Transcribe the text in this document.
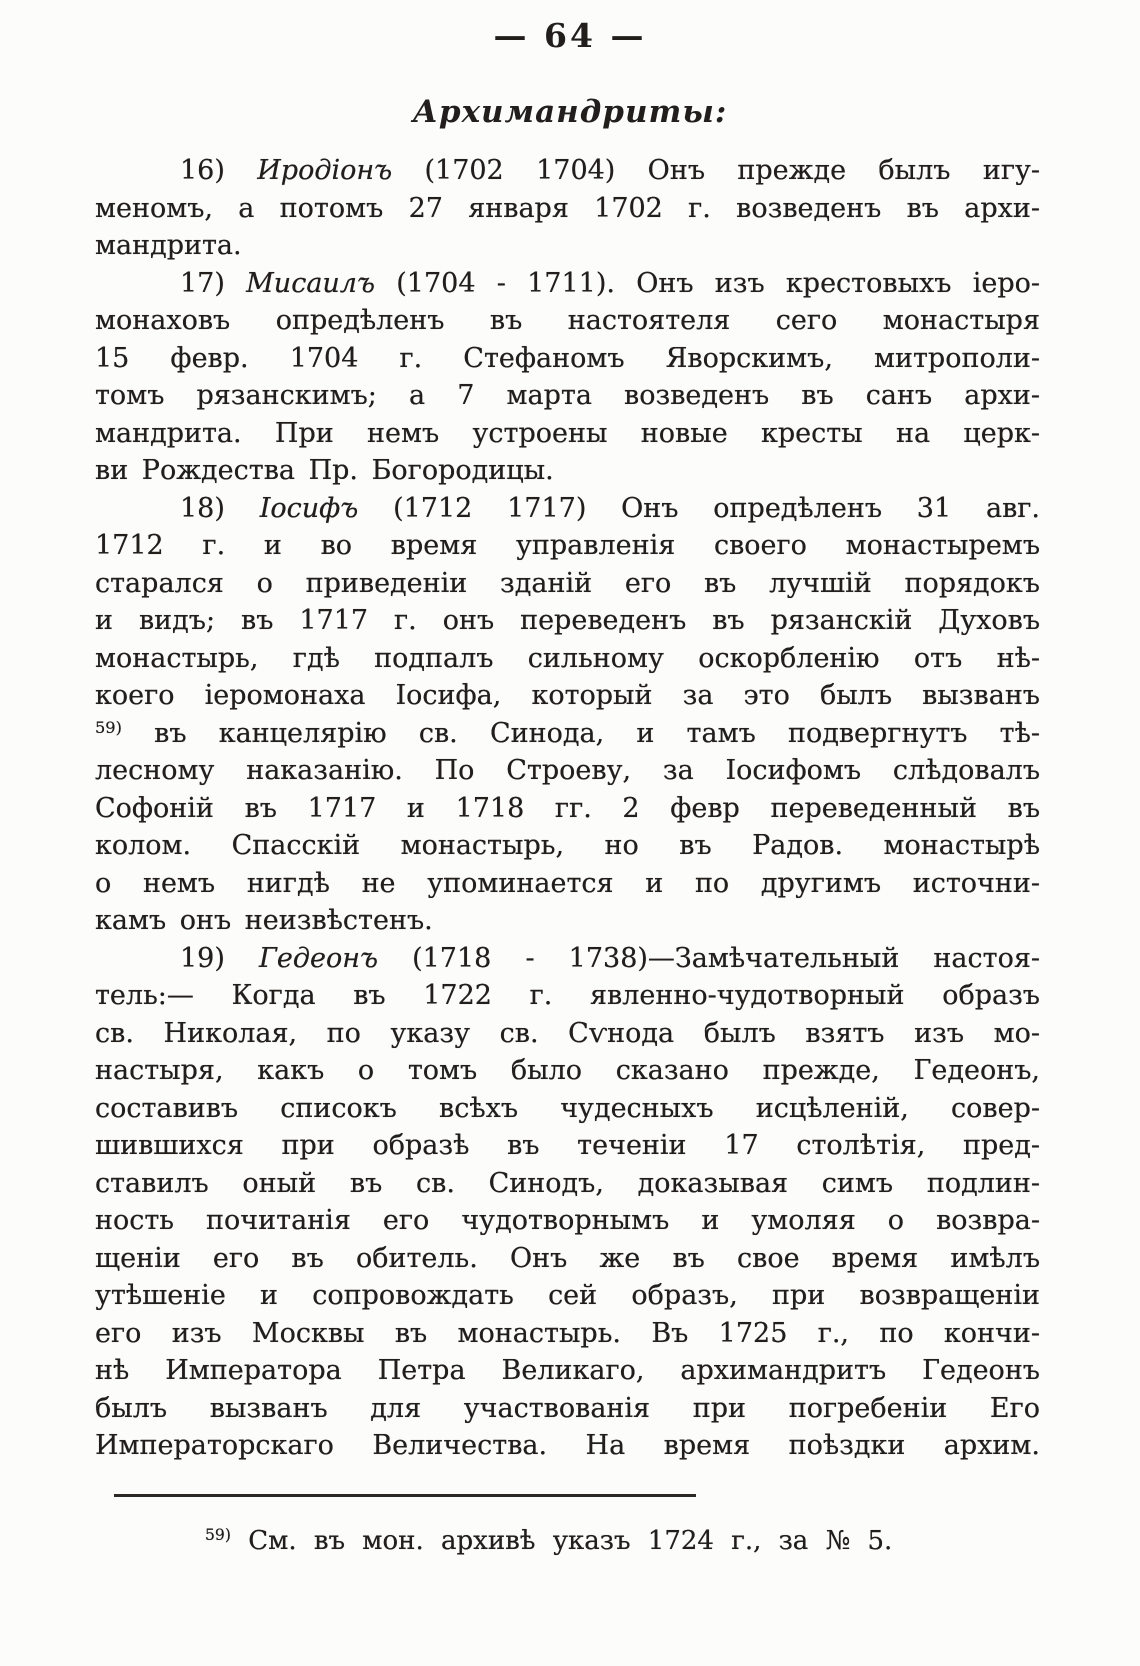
— 64 —
Архимандриты:
16) Иродіонъ (1702 1704) Онъ прежде былъ игу-
меномъ, а потомъ 27 января 1702 г. возведенъ въ архи-
мандрита.
17) Мисаилъ (1704 - 1711). Онъ изъ крестовыхъ іеро-
монаховъ опредѣленъ въ настоятеля сего монастыря
15 февр. 1704 г. Стефаномъ Яворскимъ, митрополи-
томъ рязанскимъ; а 7 марта возведенъ въ санъ архи-
мандрита. При немъ устроены новые кресты на церк-
ви Рождества Пр. Богородицы.
18) Іосифъ (1712 1717) Онъ опредѣленъ 31 авг.
1712 г. и во время управленія своего монастыремъ
старался о приведеніи зданій его въ лучшій порядокъ
и видъ; въ 1717 г. онъ переведенъ въ рязанскій Духовъ
монастырь, гдѣ подпалъ сильному оскорбленію отъ нѣ-
коего іеромонаха Іосифа, который за это былъ вызванъ
$^{59)}$ въ канцелярію св. Синода, и тамъ подвергнутъ тѣ-
лесному наказанію. По Строеву, за Іосифомъ слѣдовалъ
Софоній въ 1717 и 1718 гг. 2 февр переведенный въ
колом. Спасскій монастырь, но въ Радов. монастырѣ
о немъ нигдѣ не упоминается и по другимъ источни-
камъ онъ неизвѣстенъ.
19) Гедеонъ (1718 - 1738)—Замѣчательный настоя-
тель:— Когда въ 1722 г. явленно-чудотворный образъ
св. Николая, по указу св. Сѵнода былъ взятъ изъ мо-
настыря, какъ о томъ было сказано прежде, Гедеонъ,
составивъ списокъ всѣхъ чудесныхъ исцѣленій, совер-
шившихся при образѣ въ теченіи 17 столѣтія, пред-
ставилъ оный въ св. Синодъ, доказывая симъ подлин-
ность почитанія его чудотворнымъ и умоляя о возвра-
щеніи его въ обитель. Онъ же въ свое время имѣлъ
утѣшеніе и сопровождать сей образъ, при возвращеніи
его изъ Москвы въ монастырь. Въ 1725 г., по кончи-
нѣ Императора Петра Великаго, архимандритъ Гедеонъ
былъ вызванъ для участвованія при погребеніи Его
Императорскаго Величества. На время поѣздки архим.
$^{59)}$ См. въ мон. архивѣ указъ 1724 г., за № 5.
